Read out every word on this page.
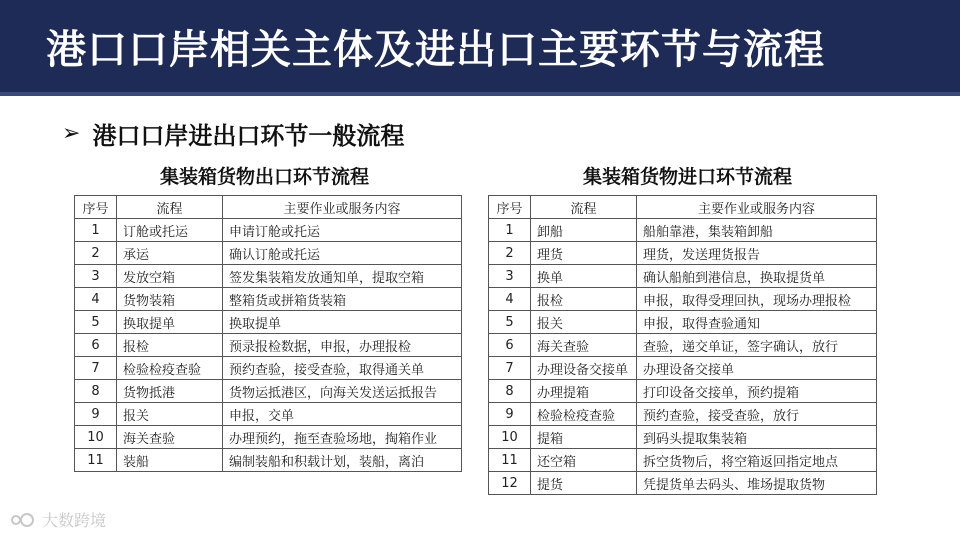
港口口岸相关主体及进出口主要环节与流程
➢ 港口口岸进出口环节一般流程
集装箱货物出口环节流程	集装箱货物进口环节流程
序号	流程	主要作业或服务内容
1	订舱或托运	申请订舱或托运
2	承运	确认订舱或托运
3	发放空箱	签发集装箱发放通知单，提取空箱
4	货物装箱	整箱货或拼箱货装箱
5	换取提单	换取提单
6	报检	预录报检数据，申报，办理报检
7	检验检疫查验	预约查验，接受查验，取得通关单
8	货物抵港	货物运抵港区，向海关发送运抵报告
9	报关	申报，交单
10	海关查验	办理预约，拖至查验场地，掏箱作业
11	装船	编制装船和积载计划，装船，离泊
序号	流程	主要作业或服务内容
1	卸船	船舶靠港，集装箱卸船
2	理货	理货，发送理货报告
3	换单	确认船舶到港信息，换取提货单
4	报检	申报，取得受理回执，现场办理报检
5	报关	申报，取得查验通知
6	海关查验	查验，递交单证，签字确认，放行
7	办理设备交接单	办理设备交接单
8	办理提箱	打印设备交接单，预约提箱
9	检验检疫查验	预约查验，接受查验，放行
10	提箱	到码头提取集装箱
11	还空箱	拆空货物后，将空箱返回指定地点
12	提货	凭提货单去码头、堆场提取货物
大数跨境
